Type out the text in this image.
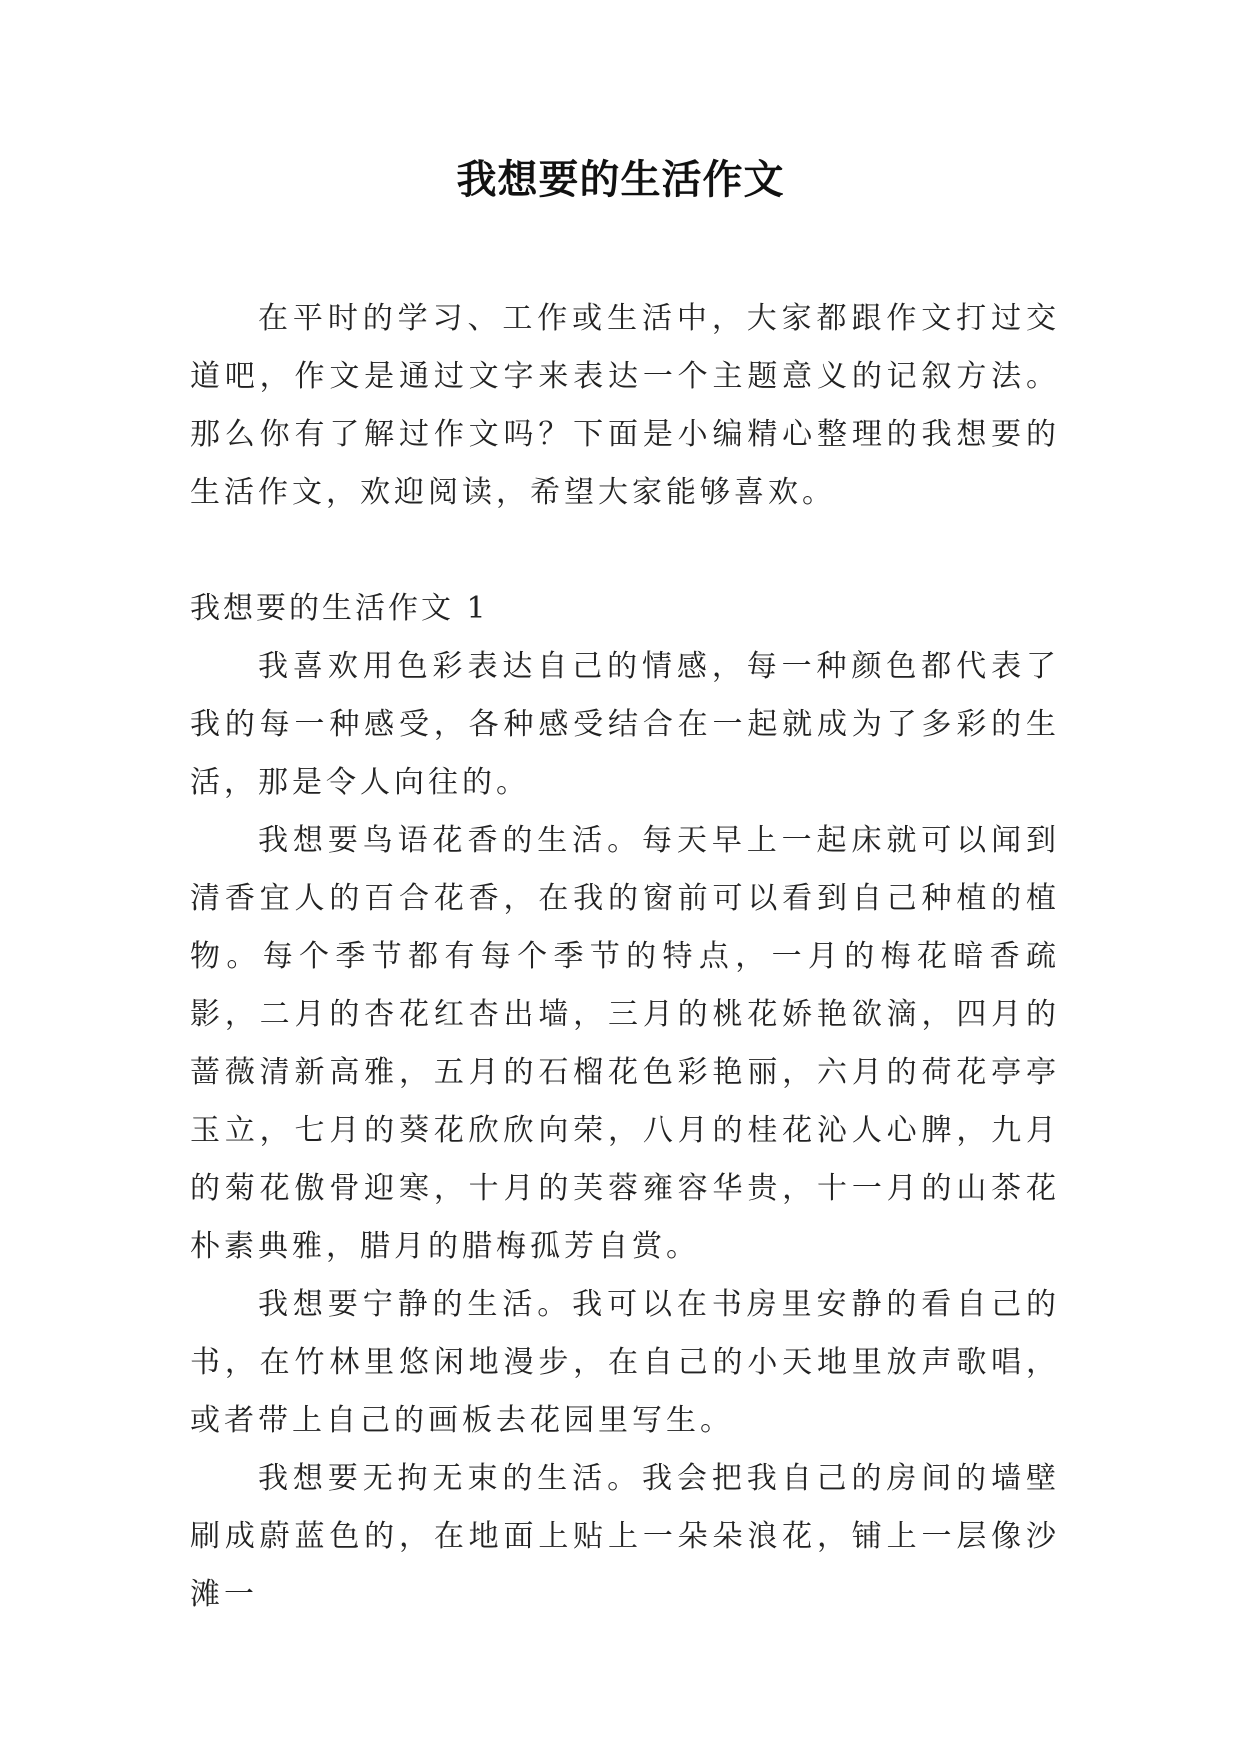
我想要的生活作文

在平时的学习、工作或生活中，大家都跟作文打过交道吧，作文是通过文字来表达一个主题意义的记叙方法。那么你有了解过作文吗？下面是小编精心整理的我想要的生活作文，欢迎阅读，希望大家能够喜欢。

我想要的生活作文 1

我喜欢用色彩表达自己的情感，每一种颜色都代表了我的每一种感受，各种感受结合在一起就成为了多彩的生活，那是令人向往的。

我想要鸟语花香的生活。每天早上一起床就可以闻到清香宜人的百合花香，在我的窗前可以看到自己种植的植物。每个季节都有每个季节的特点，一月的梅花暗香疏影，二月的杏花红杏出墙，三月的桃花娇艳欲滴，四月的蔷薇清新高雅，五月的石榴花色彩艳丽，六月的荷花亭亭玉立，七月的葵花欣欣向荣，八月的桂花沁人心脾，九月的菊花傲骨迎寒，十月的芙蓉雍容华贵，十一月的山茶花朴素典雅，腊月的腊梅孤芳自赏。

我想要宁静的生活。我可以在书房里安静的看自己的书，在竹林里悠闲地漫步，在自己的小天地里放声歌唱，或者带上自己的画板去花园里写生。

我想要无拘无束的生活。我会把我自己的房间的墙壁刷成蔚蓝色的，在地面上贴上一朵朵浪花，铺上一层像沙滩一
